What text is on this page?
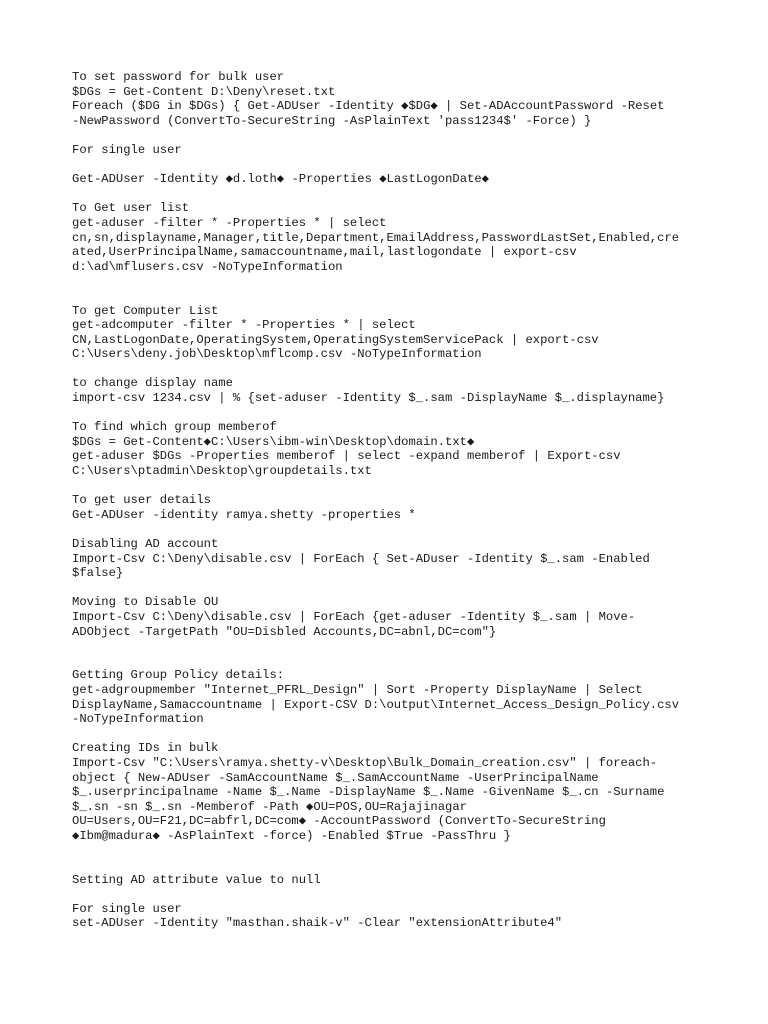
To set password for bulk user
$DGs = Get-Content D:\Deny\reset.txt
Foreach ($DG in $DGs) { Get-ADUser -Identity ◆$DG◆ | Set-ADAccountPassword -Reset
-NewPassword (ConvertTo-SecureString -AsPlainText 'pass1234$' -Force) }
For single user
Get-ADUser -Identity ◆d.loth◆ -Properties ◆LastLogonDate◆
To Get user list
get-aduser -filter * -Properties * | select
cn,sn,displayname,Manager,title,Department,EmailAddress,PasswordLastSet,Enabled,cre
ated,UserPrincipalName,samaccountname,mail,lastlogondate | export-csv
d:\ad\mflusers.csv -NoTypeInformation
To get Computer List
get-adcomputer -filter * -Properties * | select
CN,LastLogonDate,OperatingSystem,OperatingSystemServicePack | export-csv
C:\Users\deny.job\Desktop\mflcomp.csv -NoTypeInformation
to change display name
import-csv 1234.csv | % {set-aduser -Identity $_.sam -DisplayName $_.displayname}
To find which group memberof
$DGs = Get-Content◆C:\Users\ibm-win\Desktop\domain.txt◆
get-aduser $DGs -Properties memberof | select -expand memberof | Export-csv
C:\Users\ptadmin\Desktop\groupdetails.txt
To get user details
Get-ADUser -identity ramya.shetty -properties *
Disabling AD account
Import-Csv C:\Deny\disable.csv | ForEach { Set-ADuser -Identity $_.sam -Enabled
$false}
Moving to Disable OU
Import-Csv C:\Deny\disable.csv | ForEach {get-aduser -Identity $_.sam | Move-
ADObject -TargetPath "OU=Disbled Accounts,DC=abnl,DC=com"}
Getting Group Policy details:
get-adgroupmember "Internet_PFRL_Design" | Sort -Property DisplayName | Select
DisplayName,Samaccountname | Export-CSV D:\output\Internet_Access_Design_Policy.csv
-NoTypeInformation
Creating IDs in bulk
Import-Csv "C:\Users\ramya.shetty-v\Desktop\Bulk_Domain_creation.csv" | foreach-
object { New-ADUser -SamAccountName $_.SamAccountName -UserPrincipalName
$_.userprincipalname -Name $_.Name -DisplayName $_.Name -GivenName $_.cn -Surname
$_.sn -sn $_.sn -Memberof -Path ◆OU=POS,OU=Rajajinagar
OU=Users,OU=F21,DC=abfrl,DC=com◆ -AccountPassword (ConvertTo-SecureString
◆Ibm@madura◆ -AsPlainText -force) -Enabled $True -PassThru }
Setting AD attribute value to null
For single user
set-ADUser -Identity "masthan.shaik-v" -Clear "extensionAttribute4"
